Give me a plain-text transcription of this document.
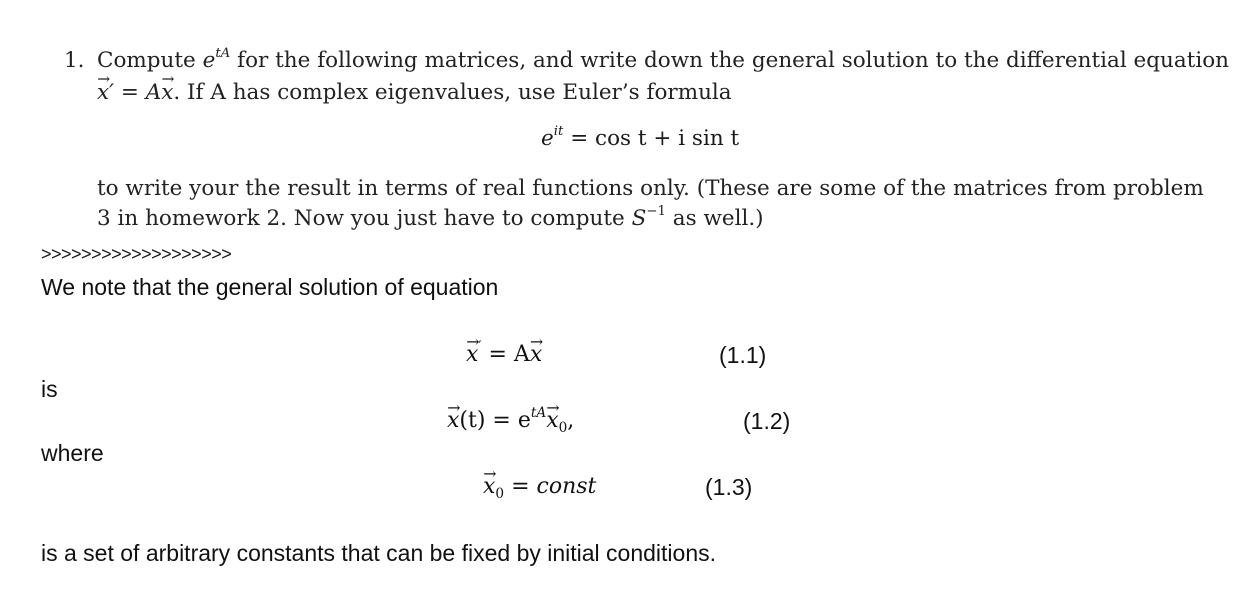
1. Compute $e^{tA}$ for the following matrices, and write down the general solution to the differential equation
→ x′ = A→ x. If A has complex eigenvalues, use Euler’s formula
$e^{it} = \cos t + i$ sin t
to write your the result in terms of real functions only. (These are some of the matrices from problem
3 in homework 2. Now you just have to compute $S^{-1}$ as well.)
>>>>>>>>>>>>>>>>>>>
We note that the general solution of equation
→ x′ = A→ x	(1.1)
is
→ $x(t) = e^{tA}\to x_0$,	(1.2)
where
→ $x_0$ = const	(1.3)
is a set of arbitrary constants that can be fixed by initial conditions.
